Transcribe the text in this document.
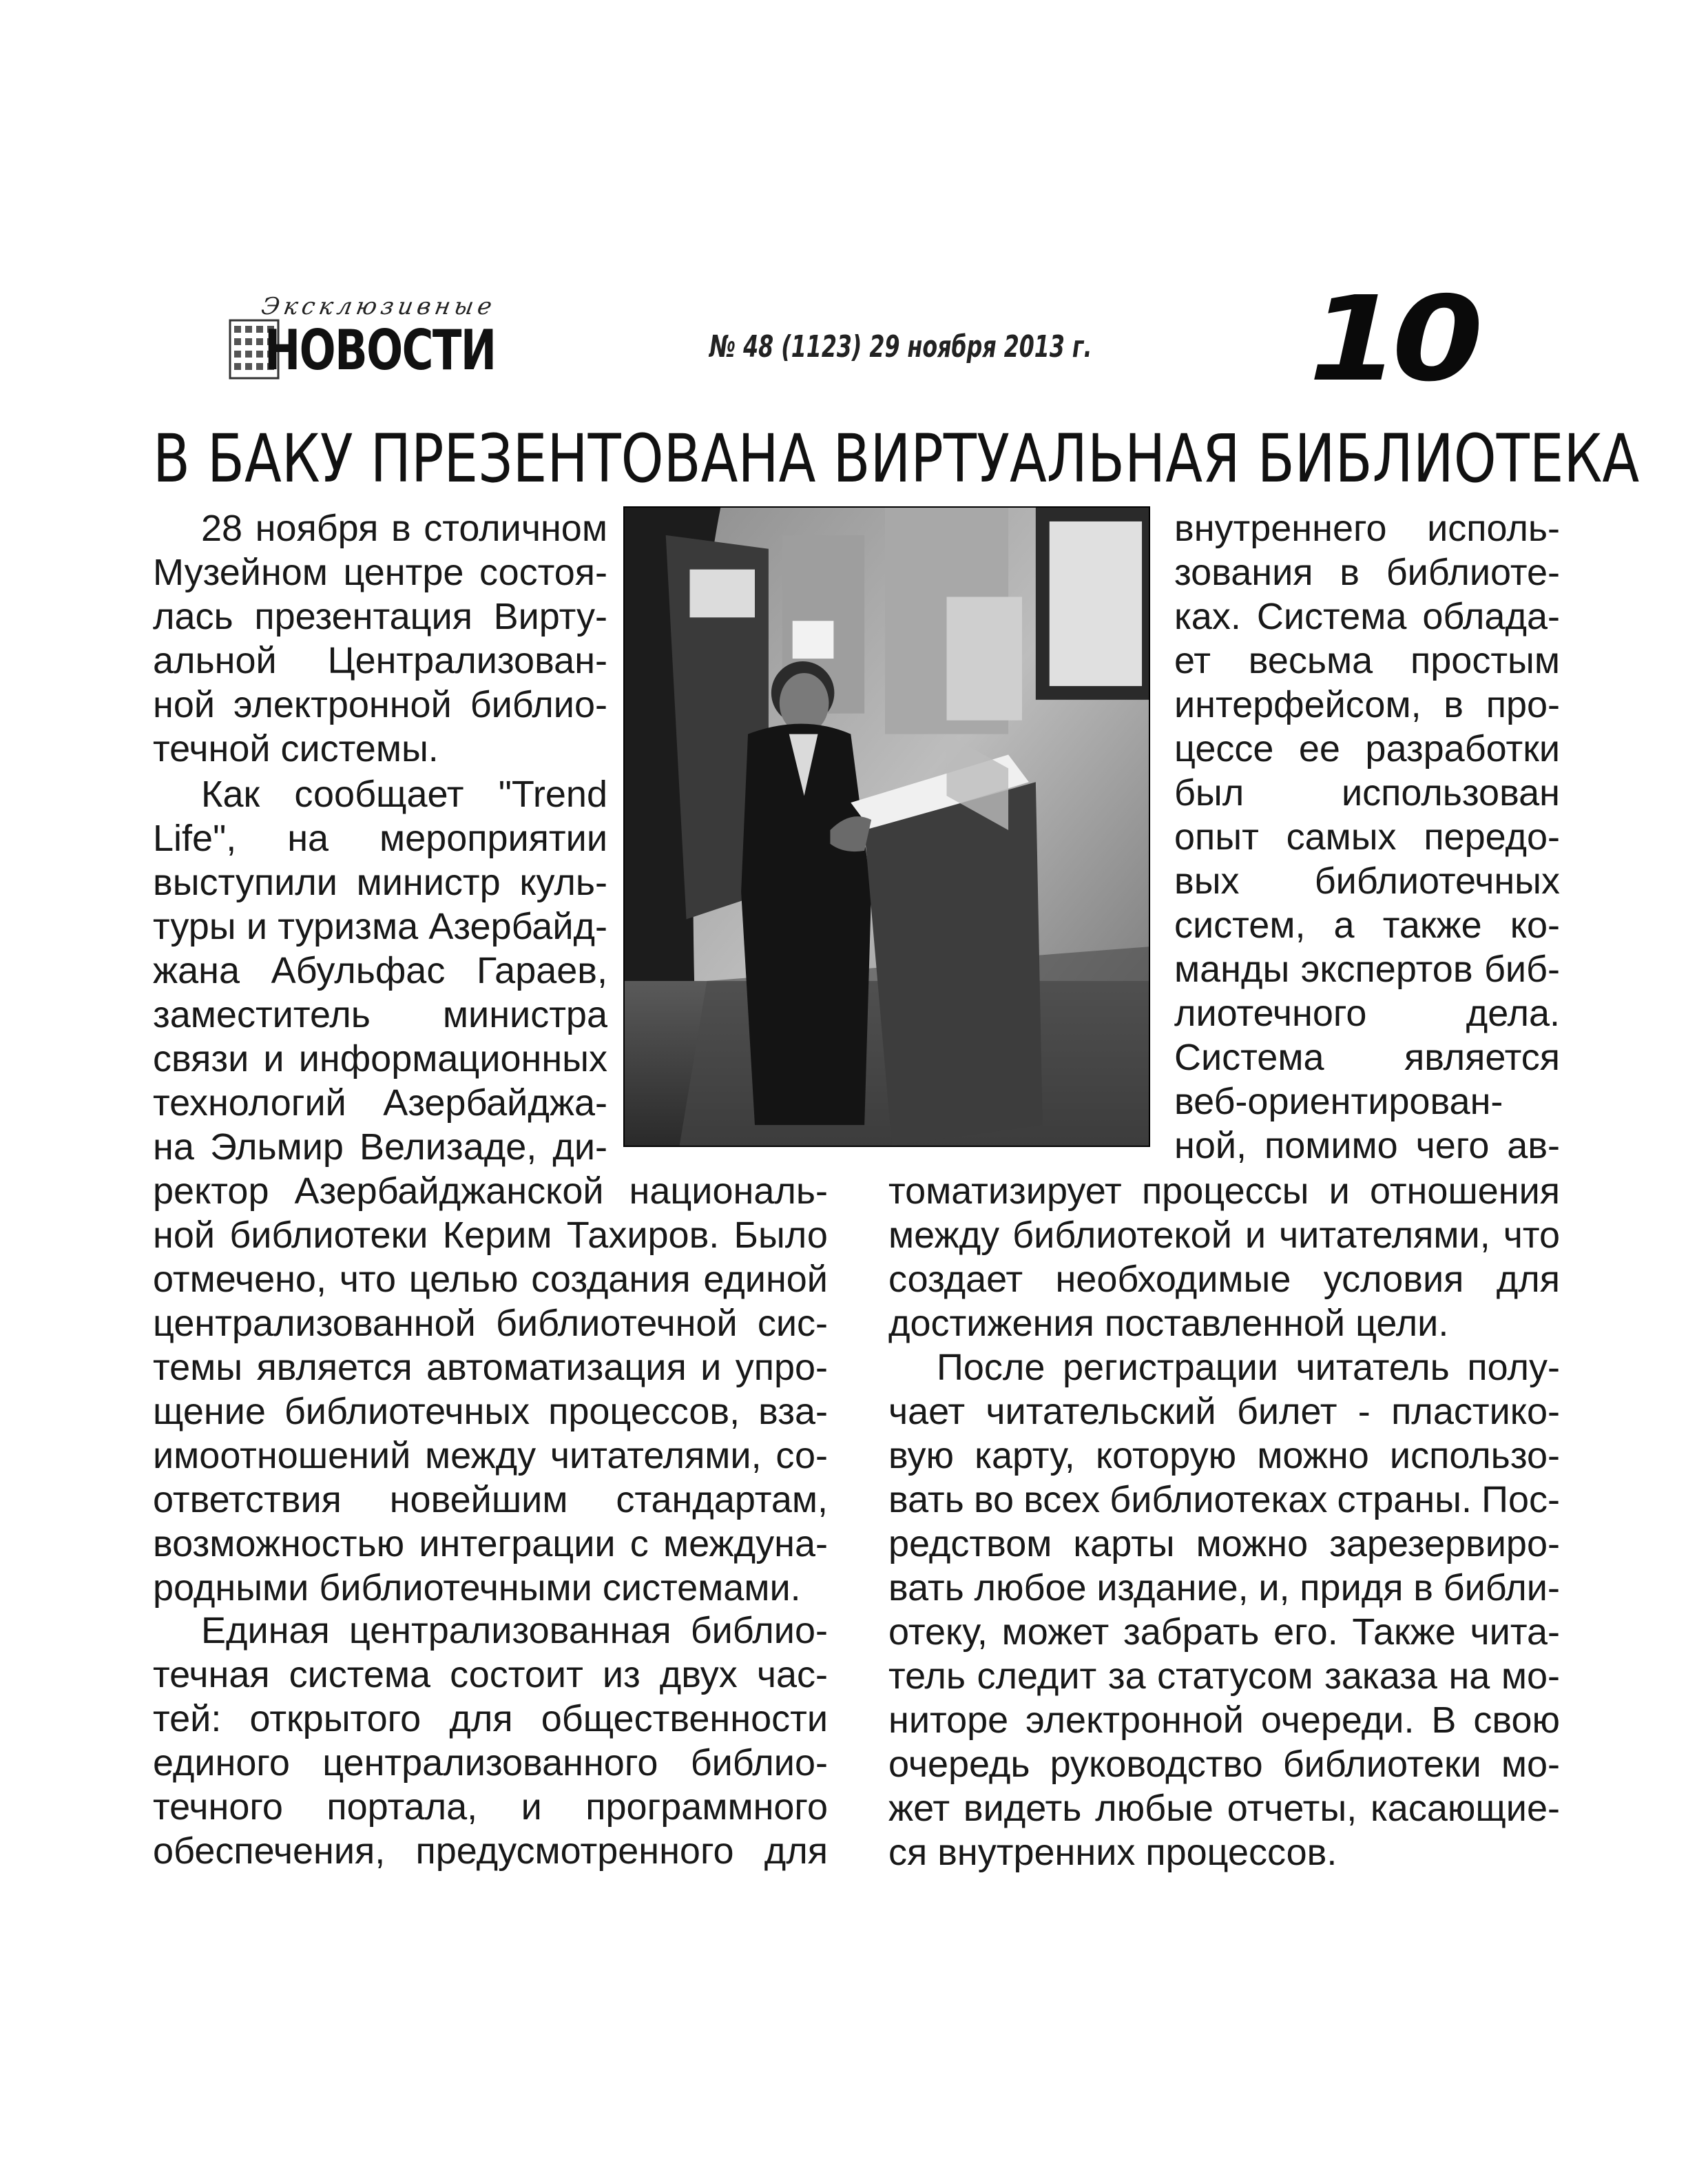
Эксклюзивные
НОВОСТИ	№ 48 (1123) 29 ноября 2013 г. 10
В БАКУ ПРЕЗЕНТОВАНА ВИРТУАЛЬНАЯ БИБЛИОТЕКА
28 ноября в столичном
Музейном центре состоя-
лась презентация Вирту-
альной Централизован-
ной электронной библио-
течной системы.
Как сообщает "Trend
Life", на мероприятии
выступили министр куль-
туры и туризма Азербайд-
жана Абульфас Гараев,
заместитель министра
связи и информационных
технологий Азербайджа-
на Эльмир Велизаде, ди-
ректор Азербайджанской националь-
ной библиотеки Керим Тахиров. Было
отмечено, что целью создания единой
централизованной библиотечной сис-
темы является автоматизация и упро-
щение библиотечных процессов, вза-
имоотношений между читателями, со-
ответствия новейшим стандартам,
возможностью интеграции с междуна-
родными библиотечными системами.
Единая централизованная библио-
течная система состоит из двух час-
тей: открытого для общественности
единого централизованного библио-
течного портала, и программного
обеспечения, предусмотренного для
внутреннего исполь-
зования в библиоте-
ках. Система облада-
ет весьма простым
интерфейсом, в про-
цессе ее разработки
был	использован
опыт самых передо-
вых библиотечных
систем, а также ко-
манды экспертов биб-
лиотечного	дела.
Система является
веб-ориентирован-
ной, помимо чего ав-
томатизирует процессы и отношения
между библиотекой и читателями, что
создает необходимые условия для
достижения поставленной цели.
После регистрации читатель полу-
чает читательский билет - пластико-
вую карту, которую можно использо-
вать во всех библиотеках страны. Пос-
редством карты можно зарезервиро-
вать любое издание, и, придя в библи-
отеку, может забрать его. Также чита-
тель следит за статусом заказа на мо-
ниторе электронной очереди. В свою
очередь руководство библиотеки мо-
жет видеть любые отчеты, касающие-
ся внутренних процессов.
